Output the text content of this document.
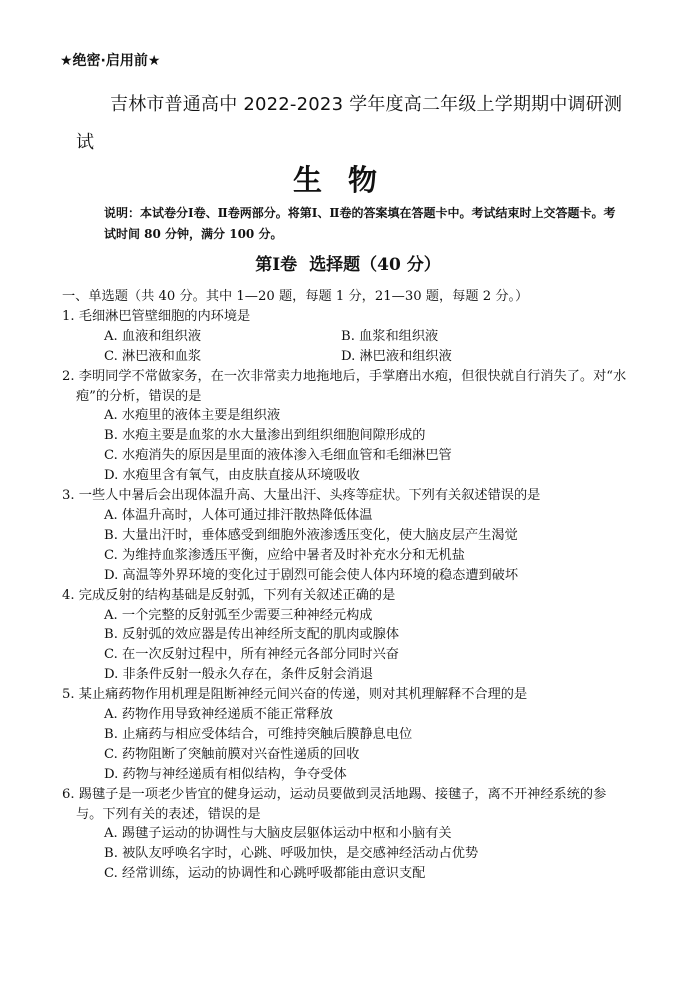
★绝密·启用前★
吉林市普通高中 2022-2023 学年度高二年级上学期期中调研测试
生物
说明：本试卷分Ⅰ卷、Ⅱ卷两部分。将第Ⅰ、Ⅱ卷的答案填在答题卡中。考试结束时上交答题卡。考试时间 80 分钟，满分 100 分。
第Ⅰ卷 选择题（40 分）
一、单选题（共 40 分。其中 1—20 题，每题 1 分，21—30 题，每题 2 分。）
1. 毛细淋巴管壁细胞的内环境是
A. 血液和组织液	B. 血浆和组织液
C. 淋巴液和血浆	D. 淋巴液和组织液
2. 李明同学不常做家务，在一次非常卖力地拖地后，手掌磨出水疱，但很快就自行消失了。对“水疱”的分析，错误的是
A. 水疱里的液体主要是组织液
B. 水疱主要是血浆的水大量渗出到组织细胞间隙形成的
C. 水疱消失的原因是里面的液体渗入毛细血管和毛细淋巴管
D. 水疱里含有氧气，由皮肤直接从环境吸收
3. 一些人中暑后会出现体温升高、大量出汗、头疼等症状。下列有关叙述错误的是
A. 体温升高时，人体可通过排汗散热降低体温
B. 大量出汗时，垂体感受到细胞外液渗透压变化，使大脑皮层产生渴觉
C. 为维持血浆渗透压平衡，应给中暑者及时补充水分和无机盐
D. 高温等外界环境的变化过于剧烈可能会使人体内环境的稳态遭到破坏
4. 完成反射的结构基础是反射弧，下列有关叙述正确的是
A. 一个完整的反射弧至少需要三种神经元构成
B. 反射弧的效应器是传出神经所支配的肌肉或腺体
C. 在一次反射过程中，所有神经元各部分同时兴奋
D. 非条件反射一般永久存在，条件反射会消退
5. 某止痛药物作用机理是阻断神经元间兴奋的传递，则对其机理解释不合理的是
A. 药物作用导致神经递质不能正常释放
B. 止痛药与相应受体结合，可维持突触后膜静息电位
C. 药物阻断了突触前膜对兴奋性递质的回收
D. 药物与神经递质有相似结构，争夺受体
6. 踢毽子是一项老少皆宜的健身运动，运动员要做到灵活地踢、接毽子，离不开神经系统的参与。下列有关的表述，错误的是
A. 踢毽子运动的协调性与大脑皮层躯体运动中枢和小脑有关
B. 被队友呼唤名字时，心跳、呼吸加快，是交感神经活动占优势
C. 经常训练，运动的协调性和心跳呼吸都能由意识支配
